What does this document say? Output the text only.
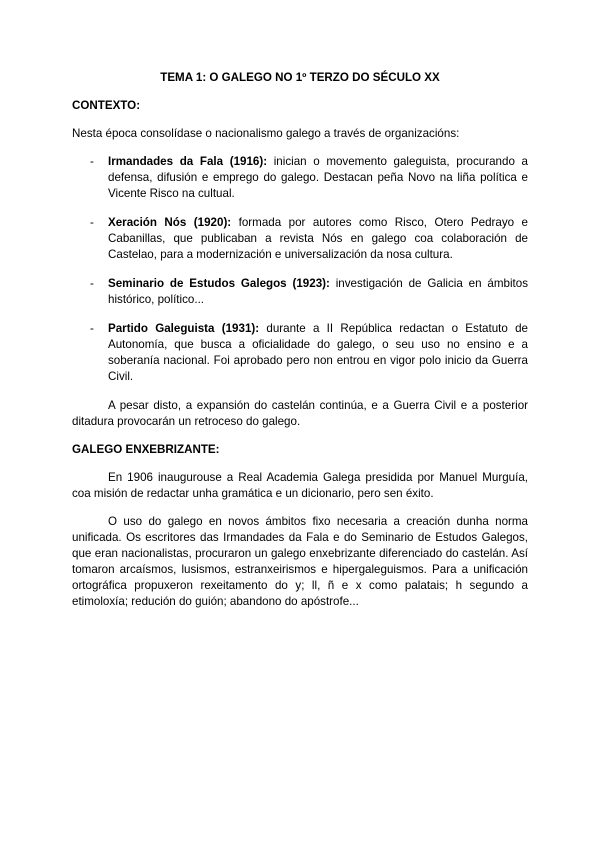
TEMA 1: O GALEGO NO 1º TERZO DO SÉCULO XX
CONTEXTO:

Nesta época consolídase o nacionalismo galego a través de organizacións:

- Irmandades da Fala (1916): inician o movemento galeguista, procurando a defensa, difusión e emprego do galego. Destacan peña Novo na liña política e Vicente Risco na cultual.
- Xeración Nós (1920): formada por autores como Risco, Otero Pedrayo e Cabanillas, que publicaban a revista Nós en galego coa colaboración de Castelao, para a modernización e universalización da nosa cultura.
- Seminario de Estudos Galegos (1923): investigación de Galicia en ámbitos histórico, político...
- Partido Galeguista (1931): durante a II República redactan o Estatuto de Autonomía, que busca a oficialidade do galego, o seu uso no ensino e a soberanía nacional. Foi aprobado pero non entrou en vigor polo inicio da Guerra Civil.

A pesar disto, a expansión do castelán continúa, e a Guerra Civil e a posterior ditadura provocarán un retroceso do galego.

GALEGO ENXEBRIZANTE:

En 1906 inaugurouse a Real Academia Galega presidida por Manuel Murguía, coa misión de redactar unha gramática e un dicionario, pero sen éxito.

O uso do galego en novos ámbitos fixo necesaria a creación dunha norma unificada. Os escritores das Irmandades da Fala e do Seminario de Estudos Galegos, que eran nacionalistas, procuraron un galego enxebrizante diferenciado do castelán. Así tomaron arcaísmos, lusismos, estranxeirismos e hipergaleguismos. Para a unificación ortográfica propuxeron rexeitamento do y; ll, ñ e x como palatais; h segundo a etimoloxía; redución do guión; abandono do apóstrofe...
